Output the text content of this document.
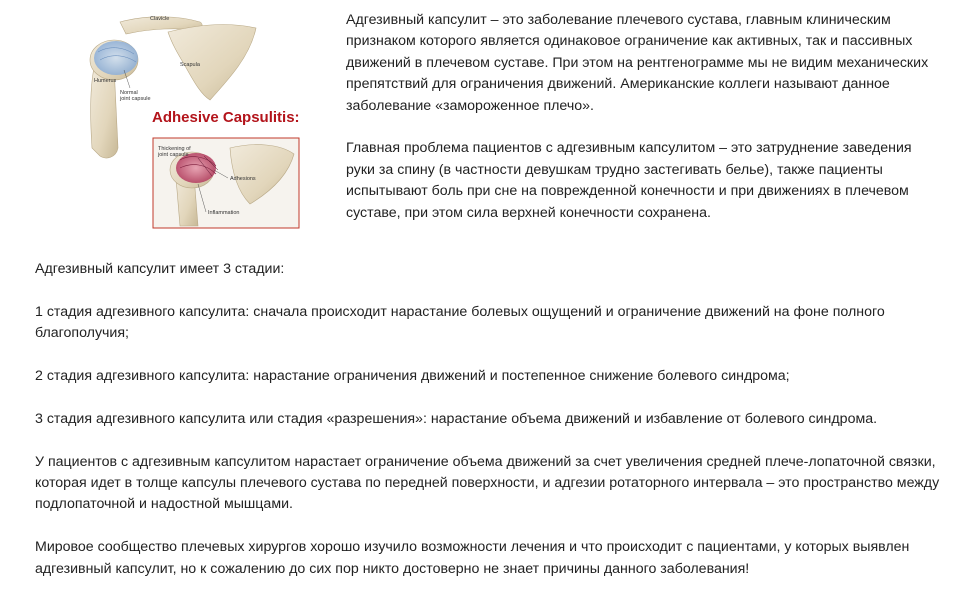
Clavicle
Humerus
Scapula
Normal
joint capsule
Thickening of
joint capsule
Adhesions
Inflammation
Adhesive Capsulitis:

Адгезивный капсулит – это заболевание плечевого сустава, главным клиническим признаком которого является одинаковое ограничение как активных, так и пассивных движений в плечевом суставе. При этом на рентгенограмме мы не видим механических препятствий для ограничения движений. Американские коллеги называют данное заболевание «замороженное плечо».

Главная проблема пациентов с адгезивным капсулитом – это затруднение заведения руки за спину (в частности девушкам трудно застегивать белье), также пациенты испытывают боль при сне на поврежденной конечности и при движениях в плечевом суставе, при этом сила верхней конечности сохранена.

Адгезивный капсулит имеет 3 стадии:

1 стадия адгезивного капсулита: сначала происходит нарастание болевых ощущений и ограничение движений на фоне полного благополучия;

2 стадия адгезивного капсулита: нарастание ограничения движений и постепенное снижение болевого синдрома;

3 стадия адгезивного капсулита или стадия «разрешения»: нарастание объема движений и избавление от болевого синдрома.

У пациентов с адгезивным капсулитом нарастает ограничение объема движений за счет увеличения средней плече-лопаточной связки, которая идет в толще капсулы плечевого сустава по передней поверхности, и адгезии ротаторного интервала – это пространство между подлопаточной и надостной мышцами.

Мировое сообщество плечевых хирургов хорошо изучило возможности лечения и что происходит с пациентами, у которых выявлен адгезивный капсулит, но к сожалению до сих пор никто достоверно не знает причины данного заболевания!
